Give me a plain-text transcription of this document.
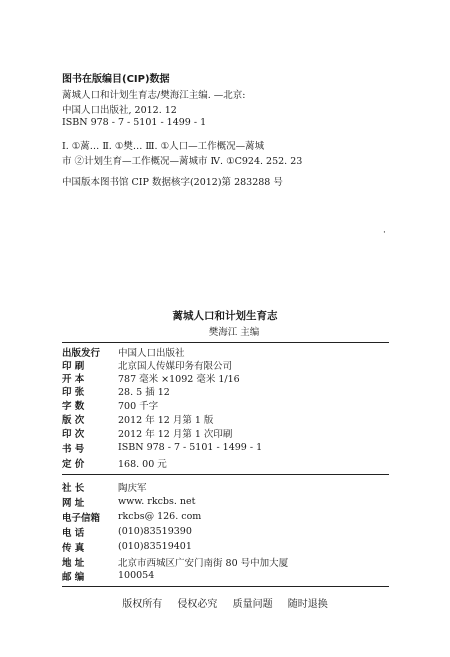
图书在版编目(CIP)数据
蓠城人口和计划生育志/樊海江主编. —北京:
中国人口出版社, 2012. 12
ISBN 978 - 7 - 5101 - 1499 - 1
Ⅰ. ①蓠… Ⅱ. ①樊… Ⅲ. ①人口—工作概况—蓠城
市 ②计划生育—工作概况—蓠城市 Ⅳ. ①C924. 252. 23
中国版本图书馆 CIP 数据核字(2012)第 283288 号
·
蓠城人口和计划生育志
樊海江 主编
出版发行	中国人口出版社
印 刷	北京国人传媒印务有限公司
开 本	787 毫米 ×1092 毫米 1/16
印 张	28. 5 插 12
字 数	700 千字
版 次	2012 年 12 月第 1 版
印 次	2012 年 12 月第 1 次印刷
书 号	ISBN 978 - 7 - 5101 - 1499 - 1
定 价	168. 00 元
社 长	陶庆军
网 址	www. rkcbs. net
电子信箱	rkcbs@ 126. com
电 话	(010)83519390
传 真	(010)83519401
地 址	北京市西城区广安门南街 80 号中加大厦
邮 编	100054
版权所有 侵权必究 质量问题 随时退换
